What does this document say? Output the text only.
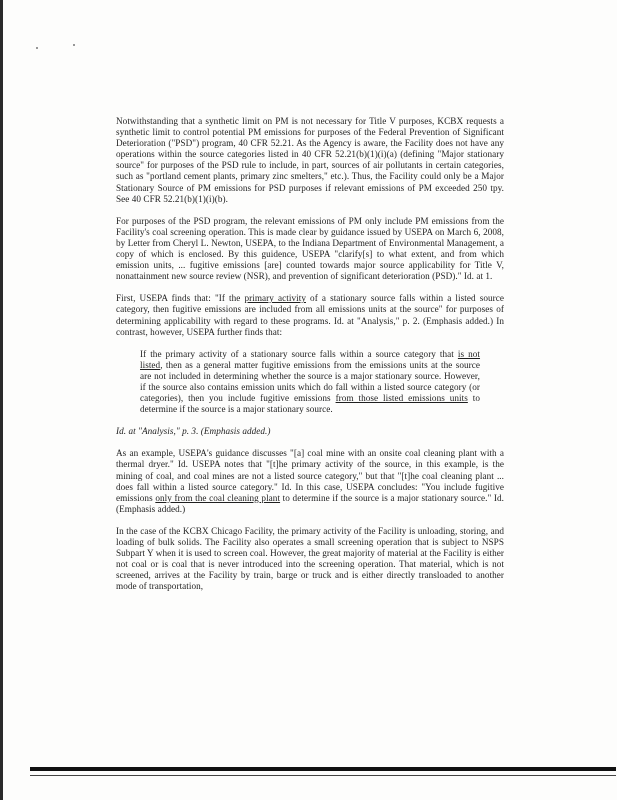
Notwithstanding that a synthetic limit on PM is not necessary for Title V purposes, KCBX requests a synthetic limit to control potential PM emissions for purposes of the Federal Prevention of Significant Deterioration ("PSD") program, 40 CFR 52.21. As the Agency is aware, the Facility does not have any operations within the source categories listed in 40 CFR 52.21(b)(1)(i)(a) (defining "Major stationary source" for purposes of the PSD rule to include, in part, sources of air pollutants in certain categories, such as "portland cement plants, primary zinc smelters," etc.). Thus, the Facility could only be a Major Stationary Source of PM emissions for PSD purposes if relevant emissions of PM exceeded 250 tpy. See 40 CFR 52.21(b)(1)(i)(b).

For purposes of the PSD program, the relevant emissions of PM only include PM emissions from the Facility's coal screening operation. This is made clear by guidance issued by USEPA on March 6, 2008, by Letter from Cheryl L. Newton, USEPA, to the Indiana Department of Environmental Management, a copy of which is enclosed. By this guidence, USEPA "clarify[s] to what extent, and from which emission units, ... fugitive emissions [are] counted towards major source applicability for Title V, nonattainment new source review (NSR), and prevention of significant deterioration (PSD)." Id. at 1.

First, USEPA finds that: "If the primary activity of a stationary source falls within a listed source category, then fugitive emissions are included from all emissions units at the source" for purposes of determining applicability with regard to these programs. Id. at "Analysis," p. 2. (Emphasis added.) In contrast, however, USEPA further finds that:

If the primary activity of a stationary source falls within a source category that is not listed, then as a general matter fugitive emissions from the emissions units at the source are not included in determining whether the source is a major stationary source. However, if the source also contains emission units which do fall within a listed source category (or categories), then you include fugitive emissions from those listed emissions units to determine if the source is a major stationary source.

Id. at "Analysis," p. 3. (Emphasis added.)

As an example, USEPA's guidance discusses "[a] coal mine with an onsite coal cleaning plant with a thermal dryer." Id. USEPA notes that "[t]he primary activity of the source, in this example, is the mining of coal, and coal mines are not a listed source category," but that "[t]he coal cleaning plant ... does fall within a listed source category." Id. In this case, USEPA concludes: "You include fugitive emissions only from the coal cleaning plant to determine if the source is a major stationary source." Id. (Emphasis added.)

In the case of the KCBX Chicago Facility, the primary activity of the Facility is unloading, storing, and loading of bulk solids. The Facility also operates a small screening operation that is subject to NSPS Subpart Y when it is used to screen coal. However, the great majority of material at the Facility is either not coal or is coal that is never introduced into the screening operation. That material, which is not screened, arrives at the Facility by train, barge or truck and is either directly transloaded to another mode of transportation,
